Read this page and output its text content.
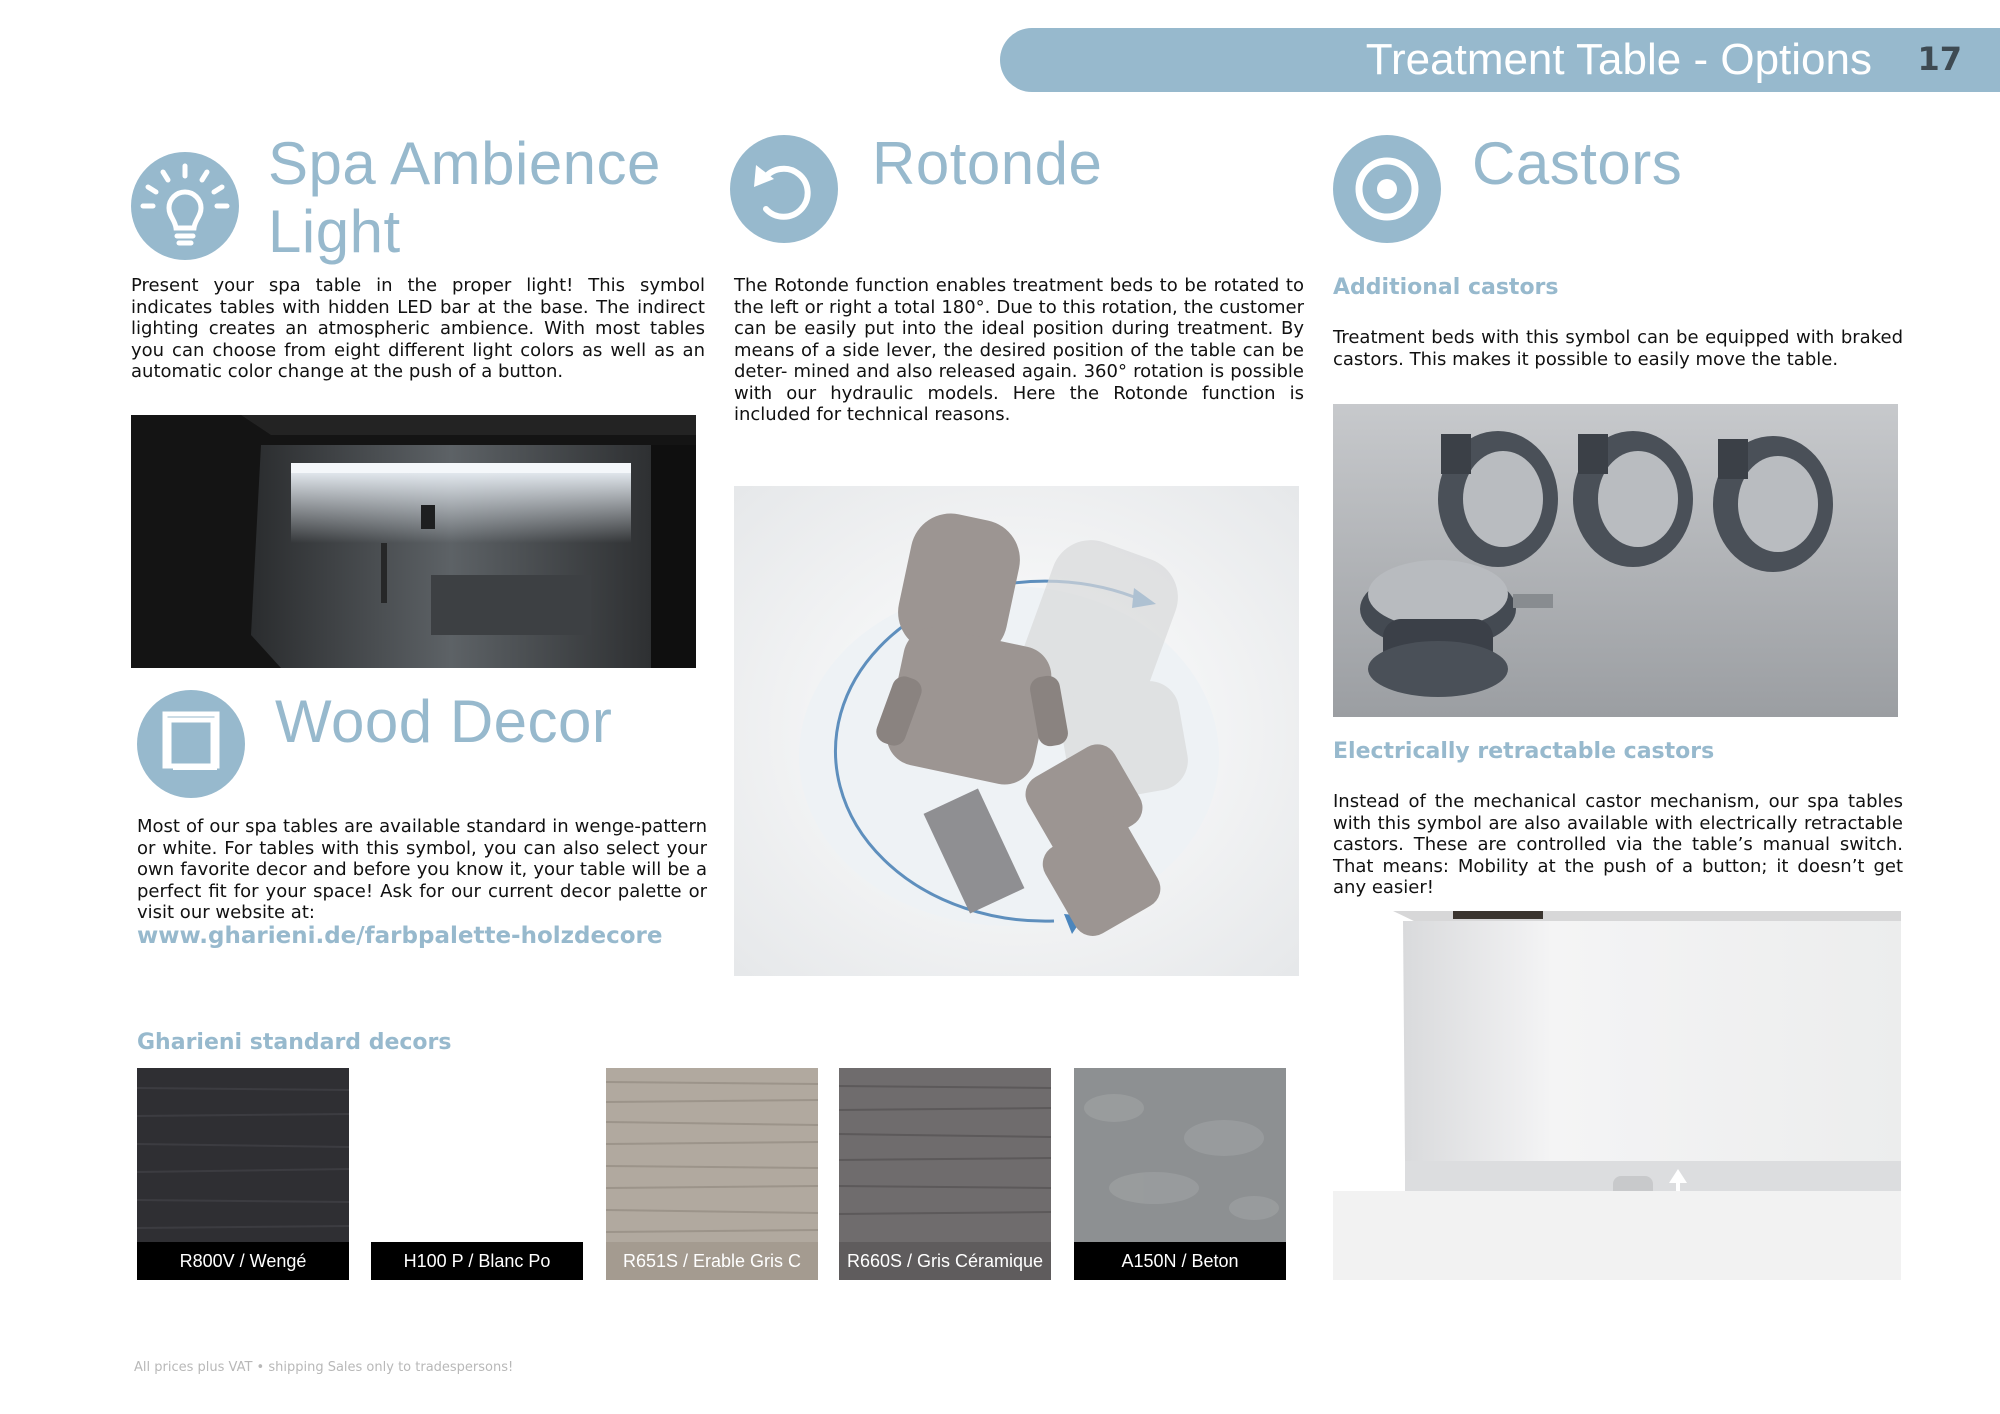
Treatment Table - Options 17
Spa Ambience
Light
Present your spa table in the proper light! This symbol indicates tables with hidden LED bar at the base. The indirect lighting creates an atmospheric ambience. With most tables you can choose from eight different light colors as well as an automatic color change at the push of a button.
Wood Decor
Most of our spa tables are available standard in wenge-pattern or white. For tables with this symbol, you can also select your own favorite decor and before you know it, your table will be a perfect fit for your space! Ask for our current decor palette or visit our website at:
www.gharieni.de/farbpalette-holzdecore
Rotonde
The Rotonde function enables treatment beds to be rotated to the left or right a total 180°. Due to this rotation, the customer can be easily put into the ideal position during treatment. By means of a side lever, the desired position of the table can be deter- mined and also released again. 360° rotation is possible with our hydraulic models. Here the Rotonde function is included for technical reasons.
Castors
Additional castors
Treatment beds with this symbol can be equipped with braked castors. This makes it possible to easily move the table.
Electrically retractable castors
Instead of the mechanical castor mechanism, our spa tables with this symbol are also available with electrically retractable castors. These are controlled via the table’s manual switch. That means: Mobility at the push of a button; it doesn’t get any easier!
Gharieni standard decors
R800V / Wengé	H100 P / Blanc Po	R651S / Erable Gris C	R660S / Gris Céramique	A150N / Beton
All prices plus VAT • shipping Sales only to tradespersons!
